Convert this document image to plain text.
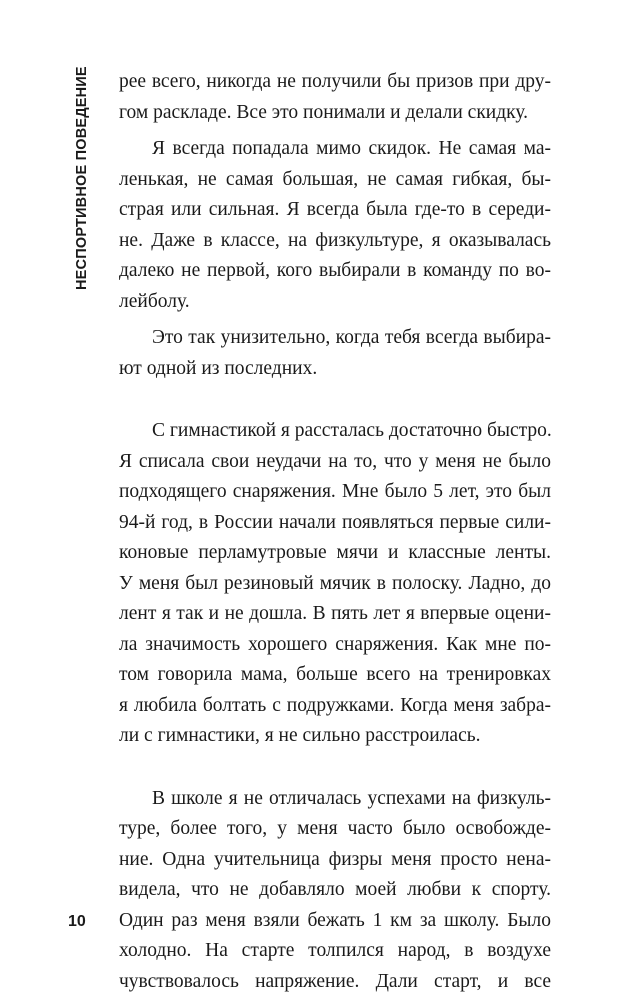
НЕСПОРТИВНОЕ ПОВЕДЕНИЕ рее всего, никогда не получили бы призов при дру-
гом раскладе. Все это понимали и делали скидку.
Я всегда попадала мимо скидок. Не самая ма-
ленькая, не самая большая, не самая гибкая, бы-
страя или сильная. Я всегда была где-то в середи-
не. Даже в классе, на физкультуре, я оказывалась
далеко не первой, кого выбирали в команду по во-
лейболу.
Это так унизительно, когда тебя всегда выбира-
ют одной из последних.
С гимнастикой я рассталась достаточно быстро.
Я списала свои неудачи на то, что у меня не было
подходящего снаряжения. Мне было 5 лет, это был
94-й год, в России начали появляться первые сили-
коновые перламутровые мячи и классные ленты.
У меня был резиновый мячик в полоску. Ладно, до
лент я так и не дошла. В пять лет я впервые оцени-
ла значимость хорошего снаряжения. Как мне по-
том говорила мама, больше всего на тренировках
я любила болтать с подружками. Когда меня забра-
ли с гимнастики, я не сильно расстроилась.
В школе я не отличалась успехами на физкуль-
туре, более того, у меня часто было освобожде-
ние. Одна учительница физры меня просто нена-
видела, что не добавляло моей любви к спорту.
Один раз меня взяли бежать 1 км за школу. Было
холодно. На старте толпился народ, в воздухе
чувствовалось напряжение. Дали старт, и все
10
